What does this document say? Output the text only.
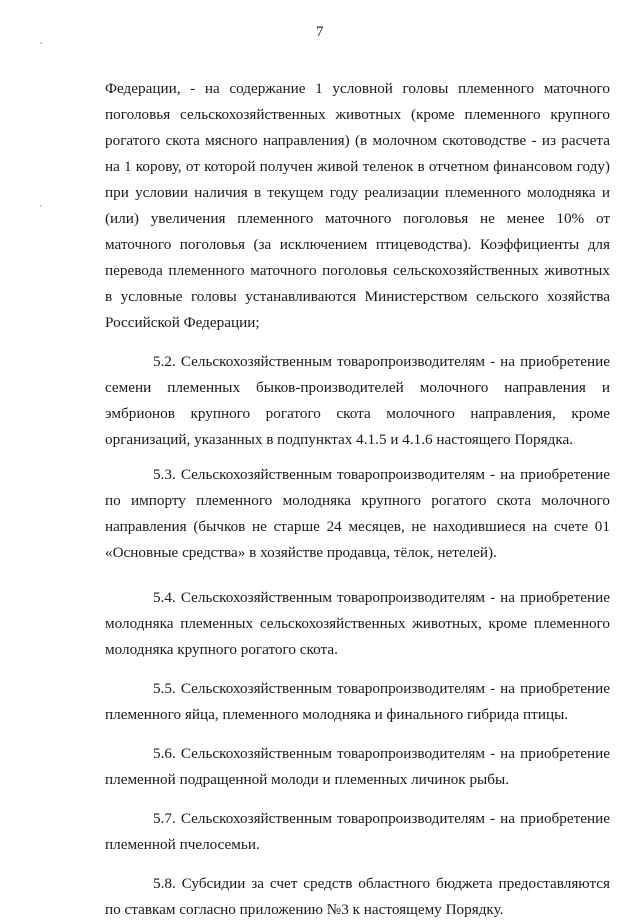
7

Федерации, - на содержание 1 условной головы племенного маточного поголовья сельскохозяйственных животных (кроме племенного крупного рогатого скота мясного направления) (в молочном скотоводстве - из расчета на 1 корову, от которой получен живой теленок в отчетном финансовом году) при условии наличия в текущем году реализации племенного молодняка и (или) увеличения племенного маточного поголовья не менее 10% от маточного поголовья (за исключением птицеводства). Коэффициенты для перевода племенного маточного поголовья сельскохозяйственных животных в условные головы устанавливаются Министерством сельского хозяйства Российской Федерации;

5.2. Сельскохозяйственным товаропроизводителям - на приобретение семени племенных быков-производителей молочного направления и эмбрионов крупного рогатого скота молочного направления, кроме организаций, указанных в подпунктах 4.1.5 и 4.1.6 настоящего Порядка.

5.3. Сельскохозяйственным товаропроизводителям - на приобретение по импорту племенного молодняка крупного рогатого скота молочного направления (бычков не старше 24 месяцев, не находившиеся на счете 01 «Основные средства» в хозяйстве продавца, тёлок, нетелей).

5.4. Сельскохозяйственным товаропроизводителям - на приобретение молодняка племенных сельскохозяйственных животных, кроме племенного молодняка крупного рогатого скота.

5.5. Сельскохозяйственным товаропроизводителям - на приобретение племенного яйца, племенного молодняка и финального гибрида птицы.

5.6. Сельскохозяйственным товаропроизводителям - на приобретение племенной подращенной молоди и племенных личинок рыбы.

5.7. Сельскохозяйственным товаропроизводителям - на приобретение племенной пчелосемьи.

5.8. Субсидии за счет средств областного бюджета предоставляются по ставкам согласно приложению №3 к настоящему Порядку.
